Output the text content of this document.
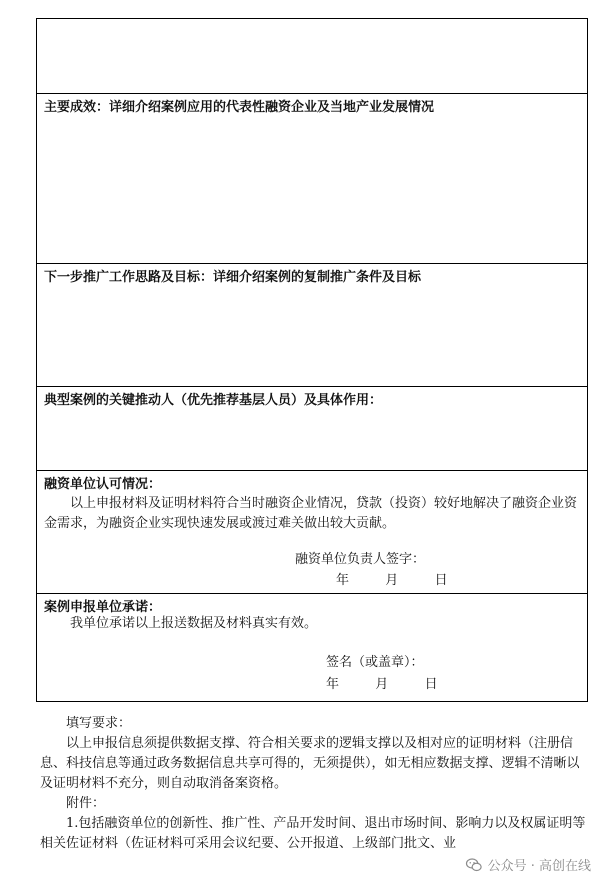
主要成效：详细介绍案例应用的代表性融资企业及当地产业发展情况
下一步推广工作思路及目标：详细介绍案例的复制推广条件及目标
典型案例的关键推动人（优先推荐基层人员）及具体作用：
融资单位认可情况：
以上申报材料及证明材料符合当时融资企业情况，贷款（投资）较好地解决了融资企业资金需求，为融资企业实现快速发展或渡过难关做出较大贡献。
融资单位负责人签字：
年	月	日
案例申报单位承诺：
我单位承诺以上报送数据及材料真实有效。
签名（或盖章）：
年	月	日

填写要求：

以上申报信息须提供数据支撑、符合相关要求的逻辑支撑以及相对应的证明材料（注册信息、科技信息等通过政务数据信息共享可得的，无须提供），如无相应数据支撑、逻辑不清晰以及证明材料不充分，则自动取消备案资格。

附件：

1.包括融资单位的创新性、推广性、产品开发时间、退出市场时间、影响力以及权属证明等相关佐证材料（佐证材料可采用会议纪要、公开报道、上级部门批文、业

公众号 · 高创在线
